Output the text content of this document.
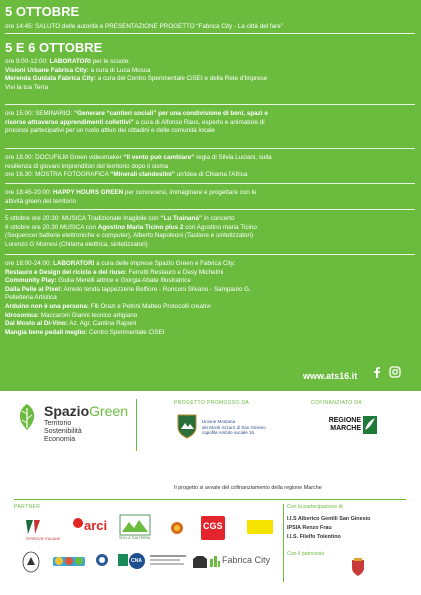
5 OTTOBRE
ore 14:45: SALUTO delle autorità e PRESENTAZIONE PROGETTO “Fabrica City - La città del fare”
5 E 6 OTTOBRE
ore 9:00-12:00: LABORATORI per le scuole:
Visioni Urbane Fabrica City: a cura di Luca Mosca
Merenda Guidata Fabrica City: a cura del Centro Sperimentale CiSEI e della Rete d'Imprese
Vivi la tua Terra
ore 15.00: SEMINARIO: “Generare “cantieri sociali” per una condivisione di beni, spazi e
risorse attraverso apprendimenti collettivi” a cura di Alfonso Raus, esperto e animatore di
processi partecipativi per un ruolo attivo dei cittadini e delle comunità locale
ore 18.00: DOCUFILM Green videomaker “Il vento può cambiare” regia di Silvia Luciani, sulla
resilienza di giovani imprenditori del territorio dopo il sisma
ore 16.30: MOSTRA FOTOGRAFICA “Minerali clandestini” un'idea di Chiama l'Africa
ore 18:45-20:00: HAPPY HOURS GREEN per conoscersi, immaginare e progettare con le
attività green del territorio
5 ottobre ore 20:30: MUSICA Tradizionale Inagibile con “Lu Trainanà” in concerto
6 ottobre ore 20.30 MUSICA con Agostino Maria Ticino plus 2 con Agostino maria Ticino
(Sequencer batterie elettroniche e computer), Alberto Napoleoni (Tastiere e sintetizzatori)
Lorenzo G Morresi (Chitarra elettrica, sintetizzatori)
ore 18:00-24:00: LABORATORI a cura delle imprese Spazio Green e Fabrica City:
Restauro e Design del riciclo e del riuso: Ferretti Restauro e Desy Michelini
Community Play: Giulia Merelli attrice e Giorgia Abate Illustratrice
Dalla Pelle al Pixel: Arredo tenda tappezzerie Belfiore - Ronconi Silvano - Sampaolo G.
Pelletteria Artistica
Arduino non è una persona: Flli Orazi e Petrini Matteo Protocolli creativi
Idrosonica: Maccaroni Gianni tecnico artigiano
Dal Mosto al Di-Vino: Az. Agr. Cantina Raponi
Mangia bene pedali meglio: Centro Sperimentale CiSEI
www.ats16.it
SpazioGreen
Territorio
Sostenibilità
Economia
PROGETTO PROMOSSO DA
Unione Montana
dei Monti Azzurri di San Ginesio
capofila Ambito sociale 16
COFINANZIATO DA
REGIONE
MARCHE
Il progetto si avvale del cofinanziamento della regione Marche
PARTNER
FERROVIE ITALIANE
arci
VIVI LA TUA TERRA
CGS
CNA	Fabrica City
Con la partecipazione di
I.I.S Alberico Gentili San Ginesio
IPSIA Renzo Frau
I.I.S. Filelfo Tolentino
Con il patrocinio
